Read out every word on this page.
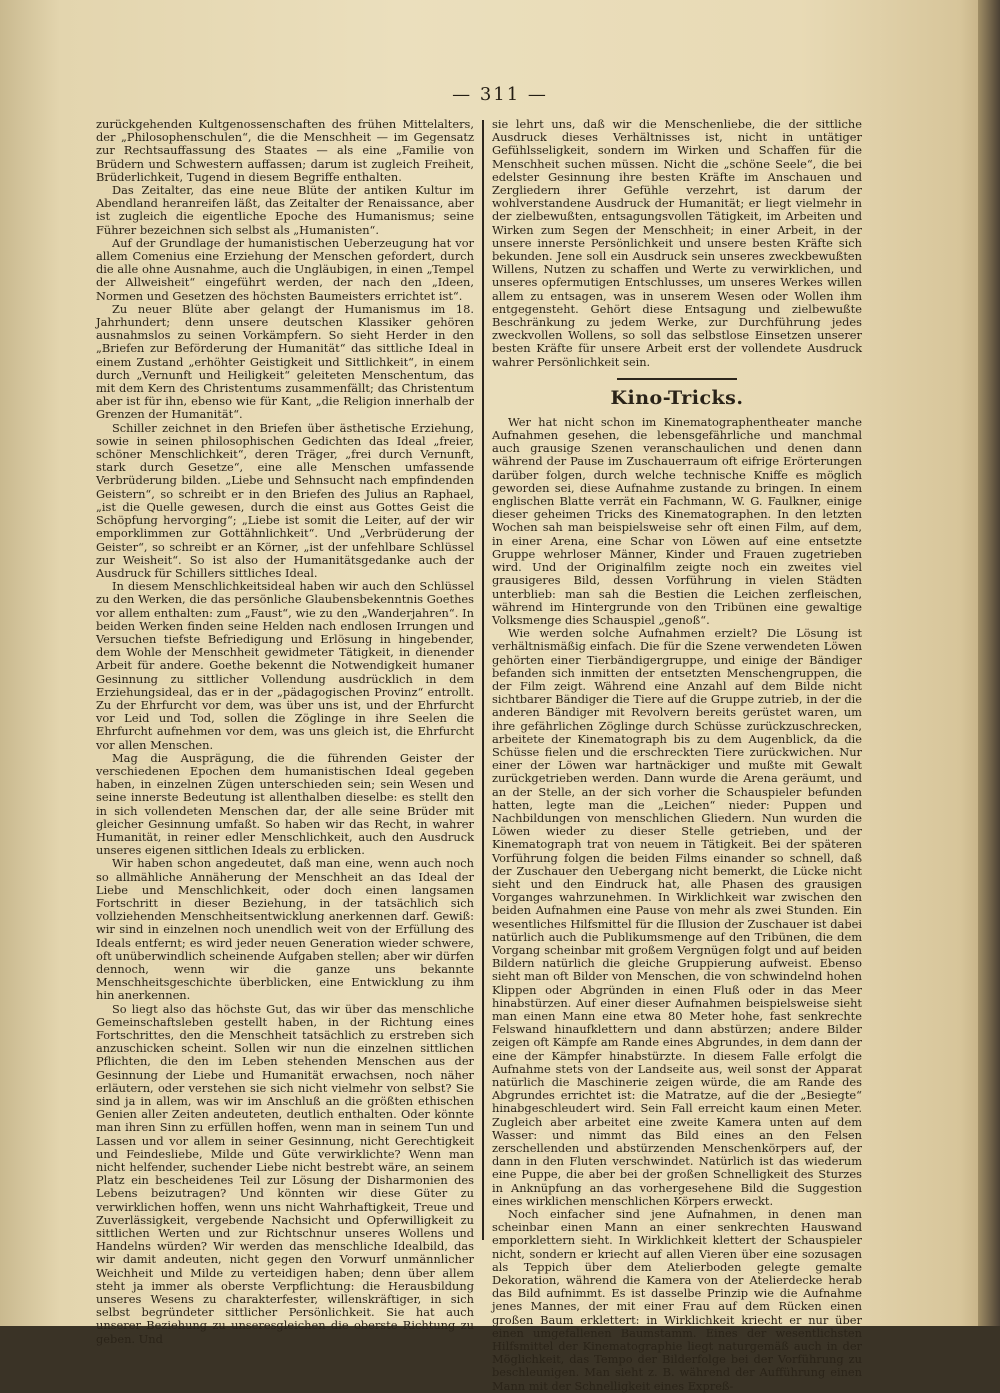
— 311 —

zurückgehenden Kultgenossenschaften des frühen Mittelalters, der „Philosophenschulen“, die die Menschheit — im Gegensatz zur Rechtsauffassung des Staates — als eine „Familie von Brüdern und Schwestern auffassen; darum ist zugleich Freiheit, Brüderlichkeit, Tugend in diesem Begriffe enthalten.

Das Zeitalter, das eine neue Blüte der antiken Kultur im Abendland heranreifen läßt, das Zeitalter der Renaissance, aber ist zugleich die eigentliche Epoche des Humanismus; seine Führer bezeichnen sich selbst als „Humanisten“.

Auf der Grundlage der humanistischen Ueberzeugung hat vor allem Comenius eine Erziehung der Menschen gefordert, durch die alle ohne Ausnahme, auch die Ungläubigen, in einen „Tempel der Allweisheit“ eingeführt werden, der nach den „Ideen, Normen und Gesetzen des höchsten Baumeisters errichtet ist“.

Zu neuer Blüte aber gelangt der Humanismus im 18. Jahrhundert; denn unsere deutschen Klassiker gehören ausnahmslos zu seinen Vorkämpfern. So sieht Herder in den „Briefen zur Beförderung der Humanität“ das sittliche Ideal in einem Zustand „erhöhter Geistigkeit und Sittlichkeit“, in einem durch „Vernunft und Heiligkeit“ geleiteten Menschentum, das mit dem Kern des Christentums zusammenfällt; das Christentum aber ist für ihn, ebenso wie für Kant, „die Religion innerhalb der Grenzen der Humanität“.

Schiller zeichnet in den Briefen über ästhetische Erziehung, sowie in seinen philosophischen Gedichten das Ideal „freier, schöner Menschlichkeit“, deren Träger, „frei durch Vernunft, stark durch Gesetze“, eine alle Menschen umfassende Verbrüderung bilden. „Liebe und Sehnsucht nach empfindenden Geistern“, so schreibt er in den Briefen des Julius an Raphael, „ist die Quelle gewesen, durch die einst aus Gottes Geist die Schöpfung hervorging“; „Liebe ist somit die Leiter, auf der wir emporklimmen zur Gottähnlichkeit“. Und „Verbrüderung der Geister“, so schreibt er an Körner, „ist der unfehlbare Schlüssel zur Weisheit“. So ist also der Humanitätsgedanke auch der Ausdruck für Schillers sittliches Ideal.

In diesem Menschlichkeitsideal haben wir auch den Schlüssel zu den Werken, die das persönliche Glaubensbekenntnis Goethes vor allem enthalten: zum „Faust“, wie zu den „Wanderjahren“. In beiden Werken finden seine Helden nach endlosen Irrungen und Versuchen tiefste Befriedigung und Erlösung in hingebender, dem Wohle der Menschheit gewidmeter Tätigkeit, in dienender Arbeit für andere. Goethe bekennt die Notwendigkeit humaner Gesinnung zu sittlicher Vollendung ausdrücklich in dem Erziehungsideal, das er in der „pädagogischen Provinz“ entrollt. Zu der Ehrfurcht vor dem, was über uns ist, und der Ehrfurcht vor Leid und Tod, sollen die Zöglinge in ihre Seelen die Ehrfurcht aufnehmen vor dem, was uns gleich ist, die Ehrfurcht vor allen Menschen.

Mag die Ausprägung, die die führenden Geister der verschiedenen Epochen dem humanistischen Ideal gegeben haben, in einzelnen Zügen unterschieden sein; sein Wesen und seine innerste Bedeutung ist allenthalben dieselbe: es stellt den in sich vollendeten Menschen dar, der alle seine Brüder mit gleicher Gesinnung umfaßt. So haben wir das Recht, in wahrer Humanität, in reiner edler Menschlichkeit, auch den Ausdruck unseres eigenen sittlichen Ideals zu erblicken.

Wir haben schon angedeutet, daß man eine, wenn auch noch so allmähliche Annäherung der Menschheit an das Ideal der Liebe und Menschlichkeit, oder doch einen langsamen Fortschritt in dieser Beziehung, in der tatsächlich sich vollziehenden Menschheitsentwicklung anerkennen darf. Gewiß: wir sind in einzelnen noch unendlich weit von der Erfüllung des Ideals entfernt; es wird jeder neuen Generation wieder schwere, oft unüberwindlich scheinende Aufgaben stellen; aber wir dürfen dennoch, wenn wir die ganze uns bekannte Menschheitsgeschichte überblicken, eine Entwicklung zu ihm hin anerkennen.

So liegt also das höchste Gut, das wir über das menschliche Gemeinschaftsleben gestellt haben, in der Richtung eines Fortschrittes, den die Menschheit tatsächlich zu erstreben sich anzuschicken scheint. Sollen wir nun die einzelnen sittlichen Pflichten, die den im Leben stehenden Menschen aus der Gesinnung der Liebe und Humanität erwachsen, noch näher erläutern, oder verstehen sie sich nicht vielmehr von selbst? Sie sind ja in allem, was wir im Anschluß an die größten ethischen Genien aller Zeiten andeuteten, deutlich enthalten. Oder könnte man ihren Sinn zu erfüllen hoffen, wenn man in seinem Tun und Lassen und vor allem in seiner Gesinnung, nicht Gerechtigkeit und Feindesliebe, Milde und Güte verwirklichte? Wenn man nicht helfender, suchender Liebe nicht bestrebt wäre, an seinem Platz ein bescheidenes Teil zur Lösung der Disharmonien des Lebens beizutragen? Und könnten wir diese Güter zu verwirklichen hoffen, wenn uns nicht Wahrhaftigkeit, Treue und Zuverlässigkeit, vergebende Nachsicht und Opferwilligkeit zu sittlichen Werten und zur Richtschnur unseres Wollens und Handelns würden? Wir werden das menschliche Idealbild, das wir damit andeuten, nicht gegen den Vorwurf unmännlicher Weichheit und Milde zu verteidigen haben; denn über allem steht ja immer als oberste Verpflichtung: die Herausbildung unseres Wesens zu charakterfester, willenskräftiger, in sich selbst begründeter sittlicher Persönlichkeit. Sie hat auch unserer Beziehung zu unseresgleichen die oberste Richtung zu geben. Und

sie lehrt uns, daß wir die Menschenliebe, die der sittliche Ausdruck dieses Verhältnisses ist, nicht in untätiger Gefühlsseligkeit, sondern im Wirken und Schaffen für die Menschheit suchen müssen. Nicht die „schöne Seele“, die bei edelster Gesinnung ihre besten Kräfte im Anschauen und Zergliedern ihrer Gefühle verzehrt, ist darum der wohlverstandene Ausdruck der Humanität; er liegt vielmehr in der zielbewußten, entsagungsvollen Tätigkeit, im Arbeiten und Wirken zum Segen der Menschheit; in einer Arbeit, in der unsere innerste Persönlichkeit und unsere besten Kräfte sich bekunden. Jene soll ein Ausdruck sein unseres zweckbewußten Willens, Nutzen zu schaffen und Werte zu verwirklichen, und unseres opfermutigen Entschlusses, um unseres Werkes willen allem zu entsagen, was in unserem Wesen oder Wollen ihm entgegensteht. Gehört diese Entsagung und zielbewußte Beschränkung zu jedem Werke, zur Durchführung jedes zweckvollen Wollens, so soll das selbstlose Einsetzen unserer besten Kräfte für unsere Arbeit erst der vollendete Ausdruck wahrer Persönlichkeit sein.

Kino-Tricks.

Wer hat nicht schon im Kinematographentheater manche Aufnahmen gesehen, die lebensgefährliche und manchmal auch grausige Szenen veranschaulichen und denen dann während der Pause im Zuschauerraum oft eifrige Erörterungen darüber folgen, durch welche technische Kniffe es möglich geworden sei, diese Aufnahme zustande zu bringen. In einem englischen Blatte verrät ein Fachmann, W. G. Faulkner, einige dieser geheimen Tricks des Kinematographen. In den letzten Wochen sah man beispielsweise sehr oft einen Film, auf dem, in einer Arena, eine Schar von Löwen auf eine entsetzte Gruppe wehrloser Männer, Kinder und Frauen zugetrieben wird. Und der Originalfilm zeigte noch ein zweites viel grausigeres Bild, dessen Vorführung in vielen Städten unterblieb: man sah die Bestien die Leichen zerfleischen, während im Hintergrunde von den Tribünen eine gewaltige Volksmenge dies Schauspiel „genoß“.

Wie werden solche Aufnahmen erzielt? Die Lösung ist verhältnismäßig einfach. Die für die Szene verwendeten Löwen gehörten einer Tierbändigergruppe, und einige der Bändiger befanden sich inmitten der entsetzten Menschengruppen, die der Film zeigt. Während eine Anzahl auf dem Bilde nicht sichtbarer Bändiger die Tiere auf die Gruppe zutrieb, in der die anderen Bändiger mit Revolvern bereits gerüstet waren, um ihre gefährlichen Zöglinge durch Schüsse zurückzuschrecken, arbeitete der Kinematograph bis zu dem Augenblick, da die Schüsse fielen und die erschreckten Tiere zurückwichen. Nur einer der Löwen war hartnäckiger und mußte mit Gewalt zurückgetrieben werden. Dann wurde die Arena geräumt, und an der Stelle, an der sich vorher die Schauspieler befunden hatten, legte man die „Leichen“ nieder: Puppen und Nachbildungen von menschlichen Gliedern. Nun wurden die Löwen wieder zu dieser Stelle getrieben, und der Kinematograph trat von neuem in Tätigkeit. Bei der späteren Vorführung folgen die beiden Films einander so schnell, daß der Zuschauer den Uebergang nicht bemerkt, die Lücke nicht sieht und den Eindruck hat, alle Phasen des grausigen Vorganges wahrzunehmen. In Wirklichkeit war zwischen den beiden Aufnahmen eine Pause von mehr als zwei Stunden. Ein wesentliches Hilfsmittel für die Illusion der Zuschauer ist dabei natürlich auch die Publikumsmenge auf den Tribünen, die dem Vorgang scheinbar mit großem Vergnügen folgt und auf beiden Bildern natürlich die gleiche Gruppierung aufweist. Ebenso sieht man oft Bilder von Menschen, die von schwindelnd hohen Klippen oder Abgründen in einen Fluß oder in das Meer hinabstürzen. Auf einer dieser Aufnahmen beispielsweise sieht man einen Mann eine etwa 80 Meter hohe, fast senkrechte Felswand hinaufklettern und dann abstürzen; andere Bilder zeigen oft Kämpfe am Rande eines Abgrundes, in dem dann der eine der Kämpfer hinabstürzte. In diesem Falle erfolgt die Aufnahme stets von der Landseite aus, weil sonst der Apparat natürlich die Maschinerie zeigen würde, die am Rande des Abgrundes errichtet ist: die Matratze, auf die der „Besiegte“ hinabgeschleudert wird. Sein Fall erreicht kaum einen Meter. Zugleich aber arbeitet eine zweite Kamera unten auf dem Wasser: und nimmt das Bild eines an den Felsen zerschellenden und abstürzenden Menschenkörpers auf, der dann in den Fluten verschwindet. Natürlich ist das wiederum eine Puppe, die aber bei der großen Schnelligkeit des Sturzes in Anknüpfung an das vorhergesehene Bild die Suggestion eines wirklichen menschlichen Körpers erweckt.

Noch einfacher sind jene Aufnahmen, in denen man scheinbar einen Mann an einer senkrechten Hauswand emporklettern sieht. In Wirklichkeit klettert der Schauspieler nicht, sondern er kriecht auf allen Vieren über eine sozusagen als Teppich über dem Atelierboden gelegte gemalte Dekoration, während die Kamera von der Atelierdecke herab das Bild aufnimmt. Es ist dasselbe Prinzip wie die Aufnahme jenes Mannes, der mit einer Frau auf dem Rücken einen großen Baum erklettert: in Wirklichkeit kriecht er nur über einen umgefallenen Baumstamm. Eines der wesentlichsten Hilfsmittel der Kinematographie liegt naturgemäß auch in der Möglichkeit, das Tempo der Bilderfolge bei der Vorführung zu beschleunigen. Man sieht z. B. während der Aufführung einen Mann mit der Schnelligkeit eines Expreß-
